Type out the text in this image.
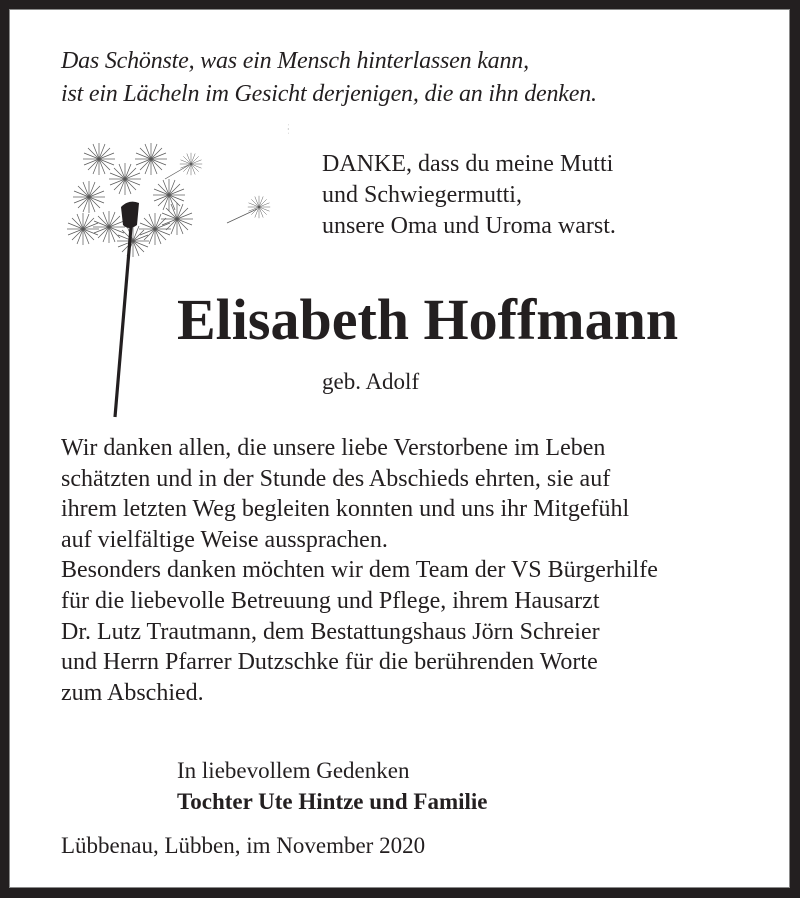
Das Schönste, was ein Mensch hinterlassen kann,
ist ein Lächeln im Gesicht derjenigen, die an ihn denken.
DANKE, dass du meine Mutti
und Schwiegermutti,
unsere Oma und Uroma warst.
Elisabeth Hoffmann
geb. Adolf
Wir danken allen, die unsere liebe Verstorbene im Leben
schätzten und in der Stunde des Abschieds ehrten, sie auf
ihrem letzten Weg begleiten konnten und uns ihr Mitgefühl
auf vielfältige Weise aussprachen.
Besonders danken möchten wir dem Team der VS Bürgerhilfe
für die liebevolle Betreuung und Pflege, ihrem Hausarzt
Dr. Lutz Trautmann, dem Bestattungshaus Jörn Schreier
und Herrn Pfarrer Dutzschke für die berührenden Worte
zum Abschied.
In liebevollem Gedenken
Tochter Ute Hintze und Familie
Lübbenau, Lübben, im November 2020
